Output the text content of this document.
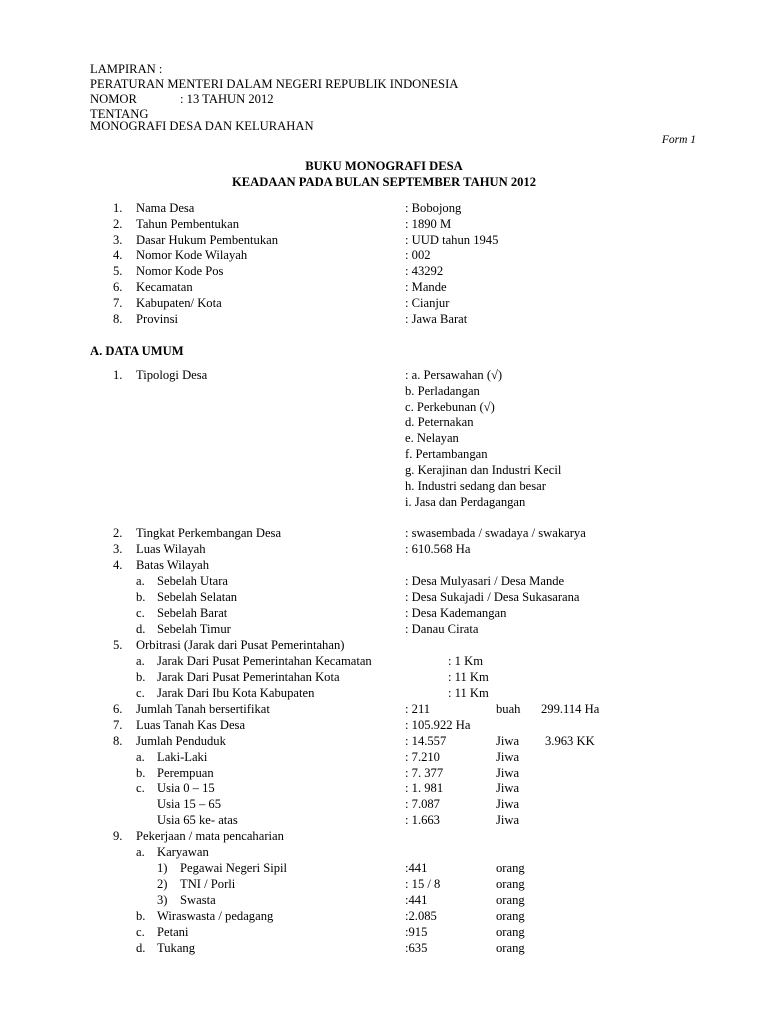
LAMPIRAN :
PERATURAN MENTERI DALAM NEGERI REPUBLIK INDONESIA
NOMOR	: 13 TAHUN 2012
TENTANG
MONOGRAFI DESA DAN KELURAHAN
Form 1
BUKU MONOGRAFI DESA
KEADAAN PADA BULAN SEPTEMBER TAHUN 2012
1. Nama Desa	: Bobojong
2. Tahun Pembentukan	: 1890 M
3. Dasar Hukum Pembentukan	: UUD tahun 1945
4. Nomor Kode Wilayah	: 002
5. Nomor Kode Pos	: 43292
6. Kecamatan	: Mande
7. Kabupaten/ Kota	: Cianjur
8. Provinsi	: Jawa Barat
A. DATA UMUM
1. Tipologi Desa	: a. Persawahan (√)
b. Perladangan
c. Perkebunan (√)
d. Peternakan
e. Nelayan
f. Pertambangan
g. Kerajinan dan Industri Kecil
h. Industri sedang dan besar
i. Jasa dan Perdagangan
2. Tingkat Perkembangan Desa	: swasembada / swadaya / swakarya
3. Luas Wilayah	: 610.568 Ha
4. Batas Wilayah
a. Sebelah Utara	: Desa Mulyasari / Desa Mande
b. Sebelah Selatan	: Desa Sukajadi / Desa Sukasarana
c. Sebelah Barat	: Desa Kademangan
d. Sebelah Timur	: Danau Cirata
5. Orbitrasi (Jarak dari Pusat Pemerintahan)
a. Jarak Dari Pusat Pemerintahan Kecamatan	: 1 Km
b. Jarak Dari Pusat Pemerintahan Kota	: 11 Km
c. Jarak Dari Ibu Kota Kabupaten	: 11 Km
6. Jumlah Tanah bersertifikat	: 211	buah 299.114 Ha
7. Luas Tanah Kas Desa	: 105.922 Ha
8. Jumlah Penduduk	: 14.557	Jiwa 3.963 KK
a. Laki-Laki	: 7.210	Jiwa
b. Perempuan	: 7. 377	Jiwa
c. Usia 0 – 15	: 1. 981	Jiwa
Usia 15 – 65	: 7.087	Jiwa
Usia 65 ke- atas	: 1.663	Jiwa
9. Pekerjaan / mata pencaharian
a. Karyawan
1) Pegawai Negeri Sipil	:441	orang
2) TNI / Porli	: 15 / 8	orang
3) Swasta	:441	orang
b. Wiraswasta / pedagang	:2.085	orang
c. Petani	:915	orang
d. Tukang	:635	orang
